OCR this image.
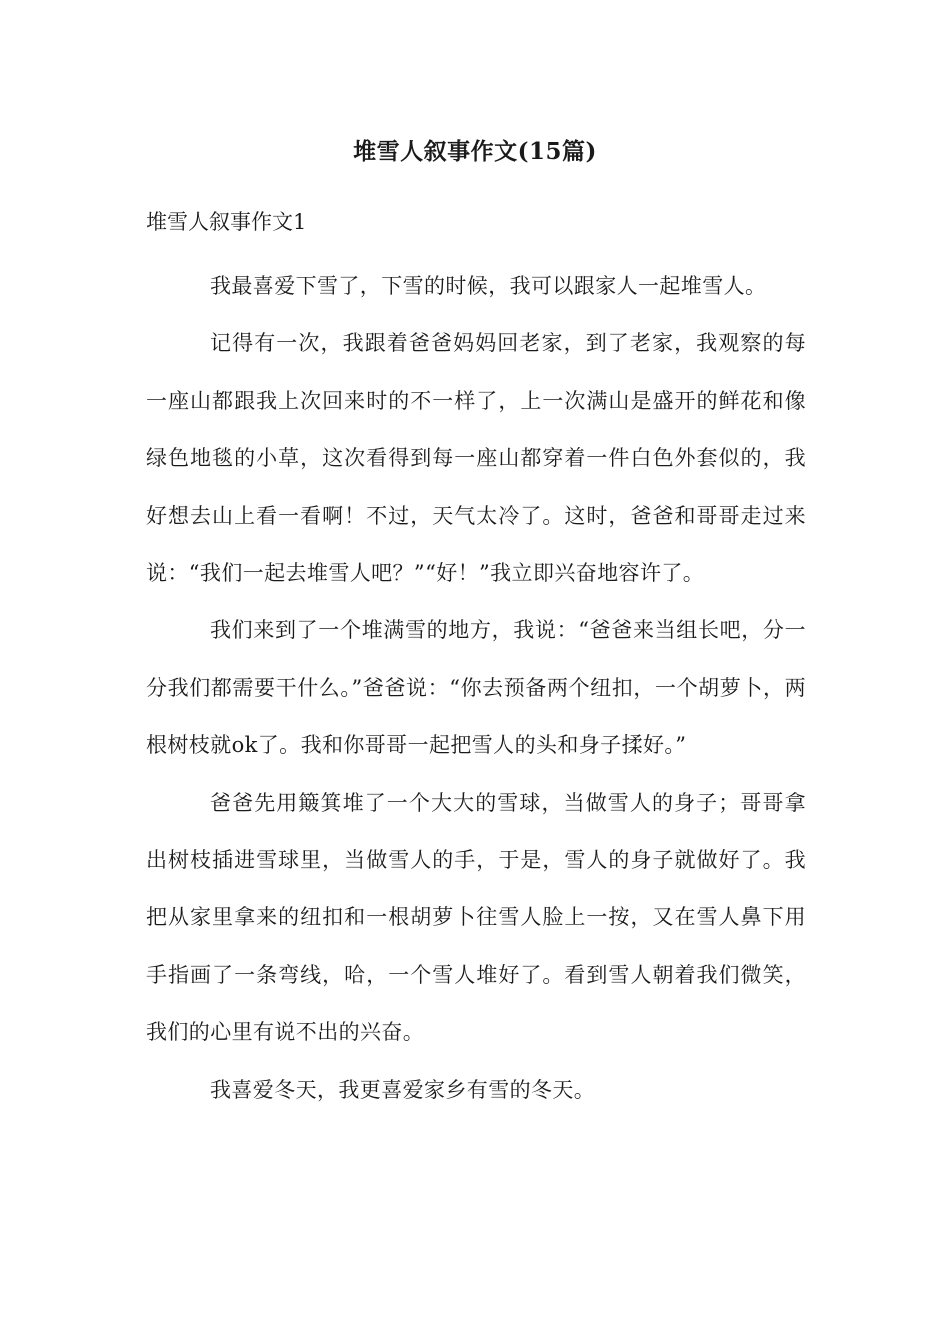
堆雪人叙事作文(15篇)
堆雪人叙事作文1

我最喜爱下雪了，下雪的时候，我可以跟家人一起堆雪人。

记得有一次，我跟着爸爸妈妈回老家，到了老家，我观察的每一座山都跟我上次回来时的不一样了，上一次满山是盛开的鲜花和像绿色地毯的小草，这次看得到每一座山都穿着一件白色外套似的，我好想去山上看一看啊！不过，天气太冷了。这时，爸爸和哥哥走过来说：“我们一起去堆雪人吧？”“好！”我立即兴奋地容许了。

我们来到了一个堆满雪的地方，我说：“爸爸来当组长吧，分一分我们都需要干什么。”爸爸说：“你去预备两个纽扣，一个胡萝卜，两根树枝就ok了。我和你哥哥一起把雪人的头和身子揉好。”

爸爸先用簸箕堆了一个大大的雪球，当做雪人的身子；哥哥拿出树枝插进雪球里，当做雪人的手，于是，雪人的身子就做好了。我把从家里拿来的纽扣和一根胡萝卜往雪人脸上一按，又在雪人鼻下用手指画了一条弯线，哈，一个雪人堆好了。看到雪人朝着我们微笑，我们的心里有说不出的兴奋。

我喜爱冬天，我更喜爱家乡有雪的冬天。
